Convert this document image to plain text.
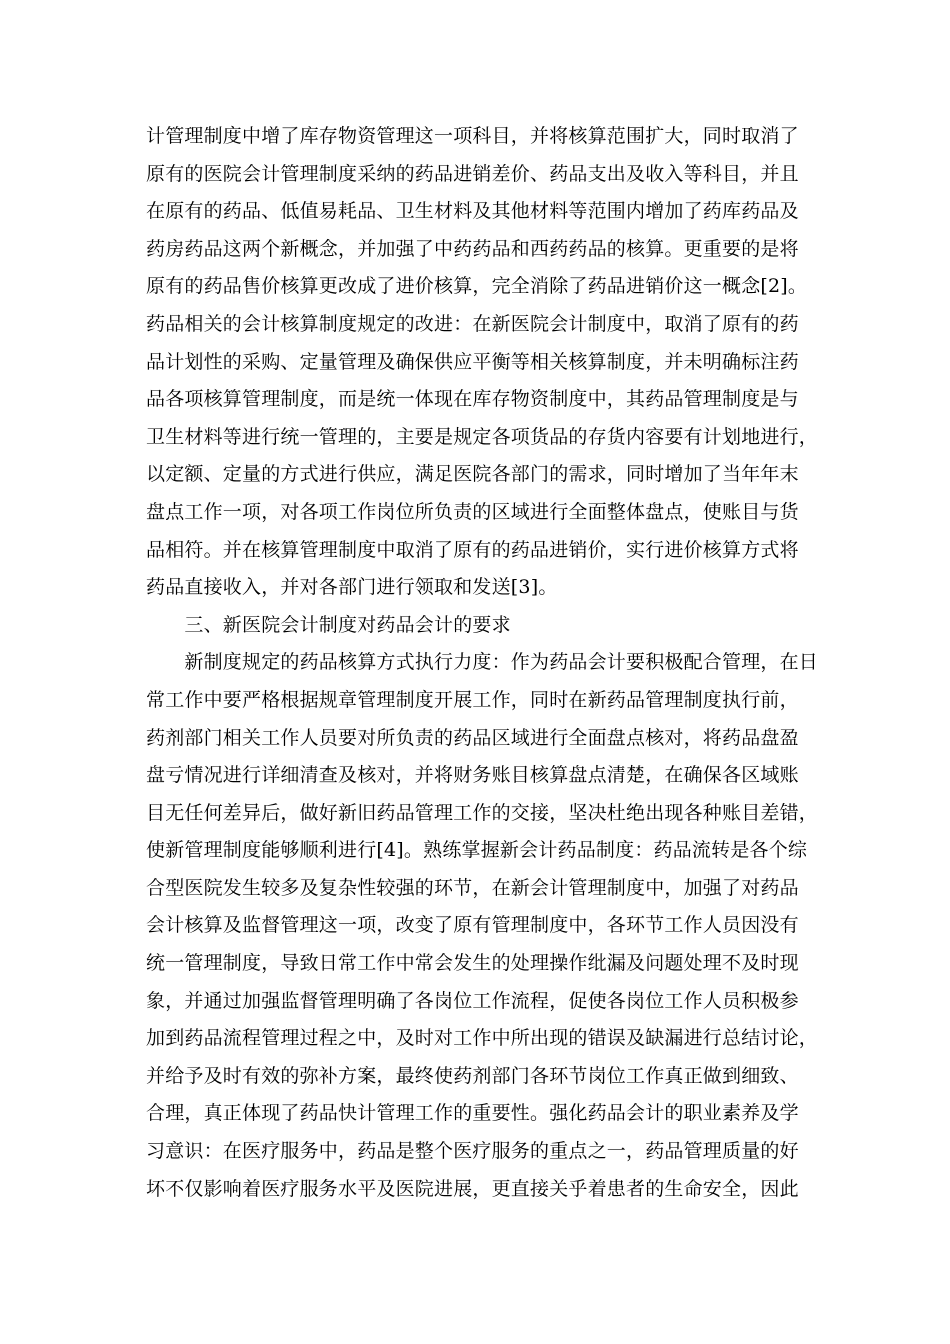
计管理制度中增了库存物资管理这一项科目，并将核算范围扩大，同时取消了
原有的医院会计管理制度采纳的药品进销差价、药品支出及收入等科目，并且
在原有的药品、低值易耗品、卫生材料及其他材料等范围内增加了药库药品及
药房药品这两个新概念，并加强了中药药品和西药药品的核算。更重要的是将
原有的药品售价核算更改成了进价核算，完全消除了药品进销价这一概念[2]。
药品相关的会计核算制度规定的改进：在新医院会计制度中，取消了原有的药
品计划性的采购、定量管理及确保供应平衡等相关核算制度，并未明确标注药
品各项核算管理制度，而是统一体现在库存物资制度中，其药品管理制度是与
卫生材料等进行统一管理的，主要是规定各项货品的存货内容要有计划地进行，
以定额、定量的方式进行供应，满足医院各部门的需求，同时增加了当年年末
盘点工作一项，对各项工作岗位所负责的区域进行全面整体盘点，使账目与货
品相符。并在核算管理制度中取消了原有的药品进销价，实行进价核算方式将
药品直接收入，并对各部门进行领取和发送[3]。
　　三、新医院会计制度对药品会计的要求
　　新制度规定的药品核算方式执行力度：作为药品会计要积极配合管理，在日
常工作中要严格根据规章管理制度开展工作，同时在新药品管理制度执行前，
药剂部门相关工作人员要对所负责的药品区域进行全面盘点核对，将药品盘盈
盘亏情况进行详细清查及核对，并将财务账目核算盘点清楚，在确保各区域账
目无任何差异后，做好新旧药品管理工作的交接，坚决杜绝出现各种账目差错，
使新管理制度能够顺利进行[4]。熟练掌握新会计药品制度：药品流转是各个综
合型医院发生较多及复杂性较强的环节，在新会计管理制度中，加强了对药品
会计核算及监督管理这一项，改变了原有管理制度中，各环节工作人员因没有
统一管理制度，导致日常工作中常会发生的处理操作纰漏及问题处理不及时现
象，并通过加强监督管理明确了各岗位工作流程，促使各岗位工作人员积极参
加到药品流程管理过程之中，及时对工作中所出现的错误及缺漏进行总结讨论，
并给予及时有效的弥补方案，最终使药剂部门各环节岗位工作真正做到细致、
合理，真正体现了药品快计管理工作的重要性。强化药品会计的职业素养及学
习意识：在医疗服务中，药品是整个医疗服务的重点之一，药品管理质量的好
坏不仅影响着医疗服务水平及医院进展，更直接关乎着患者的生命安全，因此
